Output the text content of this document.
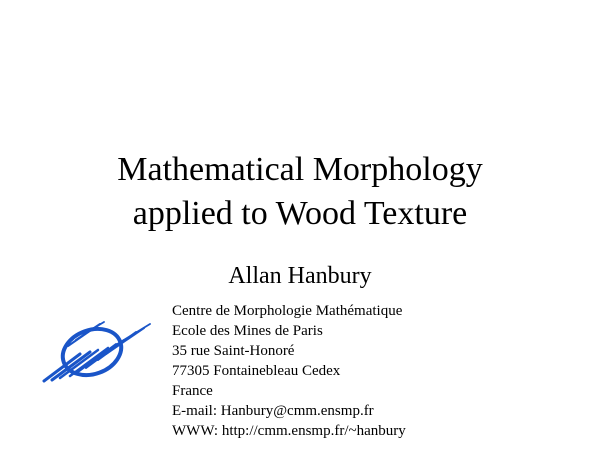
Mathematical Morphology
applied to Wood Texture
Allan Hanbury
Centre de Morphologie Mathématique
Ecole des Mines de Paris
35 rue Saint-Honoré
77305 Fontainebleau Cedex
France
E-mail: Hanbury@cmm.ensmp.fr
WWW: http://cmm.ensmp.fr/~hanbury
